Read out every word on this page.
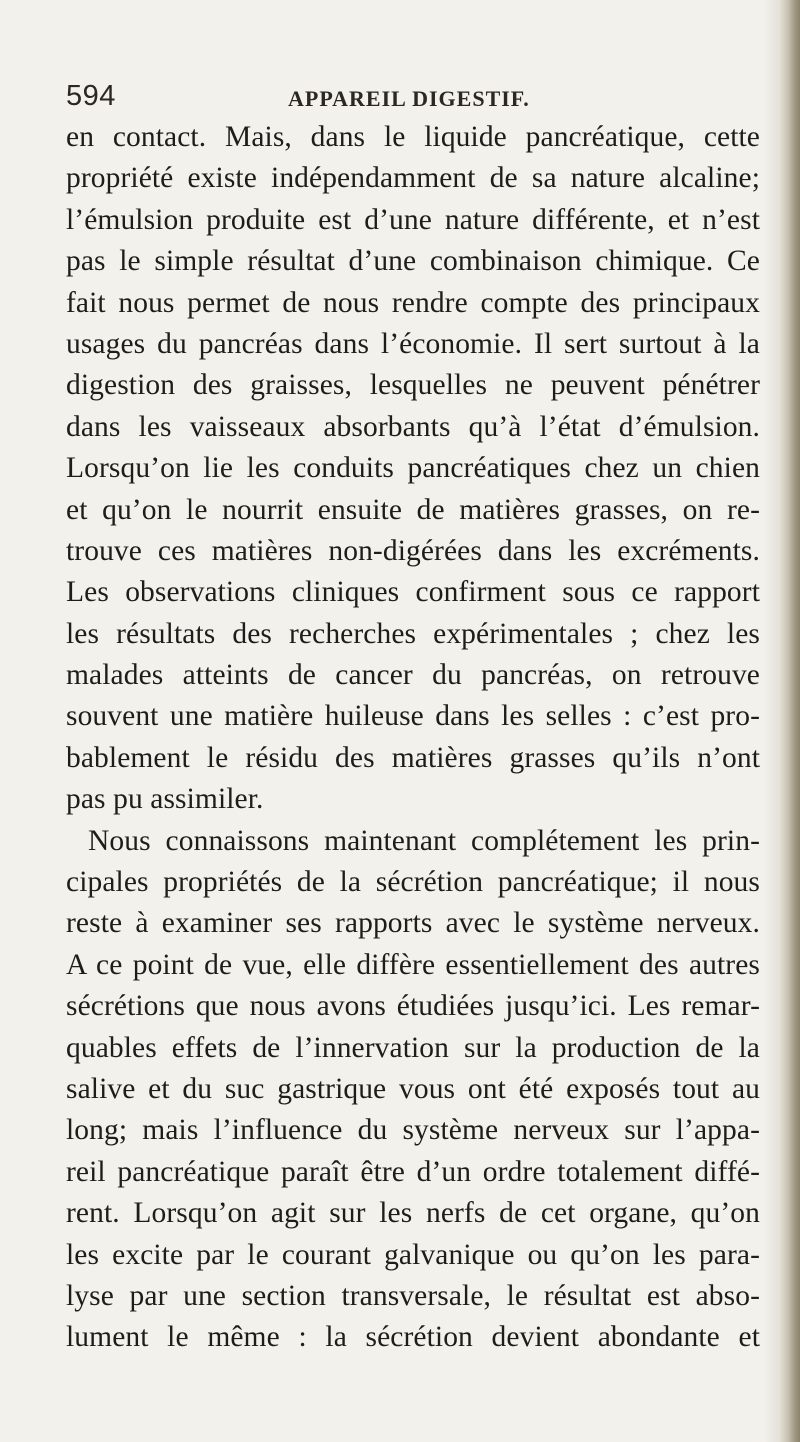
594	APPAREIL DIGESTIF.
en contact. Mais, dans le liquide pancréatique, cette
propriété existe indépendamment de sa nature alcaline;
l’émulsion produite est d’une nature différente, et n’est
pas le simple résultat d’une combinaison chimique. Ce
fait nous permet de nous rendre compte des principaux
usages du pancréas dans l’économie. Il sert surtout à la
digestion des graisses, lesquelles ne peuvent pénétrer
dans les vaisseaux absorbants qu’à l’état d’émulsion.
Lorsqu’on lie les conduits pancréatiques chez un chien
et qu’on le nourrit ensuite de matières grasses, on re-
trouve ces matières non-digérées dans les excréments.
Les observations cliniques confirment sous ce rapport
les résultats des recherches expérimentales ; chez les
malades atteints de cancer du pancréas, on retrouve
souvent une matière huileuse dans les selles : c’est pro-
bablement le résidu des matières grasses qu’ils n’ont
pas pu assimiler.
Nous connaissons maintenant complétement les prin-
cipales propriétés de la sécrétion pancréatique; il nous
reste à examiner ses rapports avec le système nerveux.
A ce point de vue, elle diffère essentiellement des autres
sécrétions que nous avons étudiées jusqu’ici. Les remar-
quables effets de l’innervation sur la production de la
salive et du suc gastrique vous ont été exposés tout au
long; mais l’influence du système nerveux sur l’appa-
reil pancréatique paraît être d’un ordre totalement diffé-
rent. Lorsqu’on agit sur les nerfs de cet organe, qu’on
les excite par le courant galvanique ou qu’on les para-
lyse par une section transversale, le résultat est abso-
lument le même : la sécrétion devient abondante et
